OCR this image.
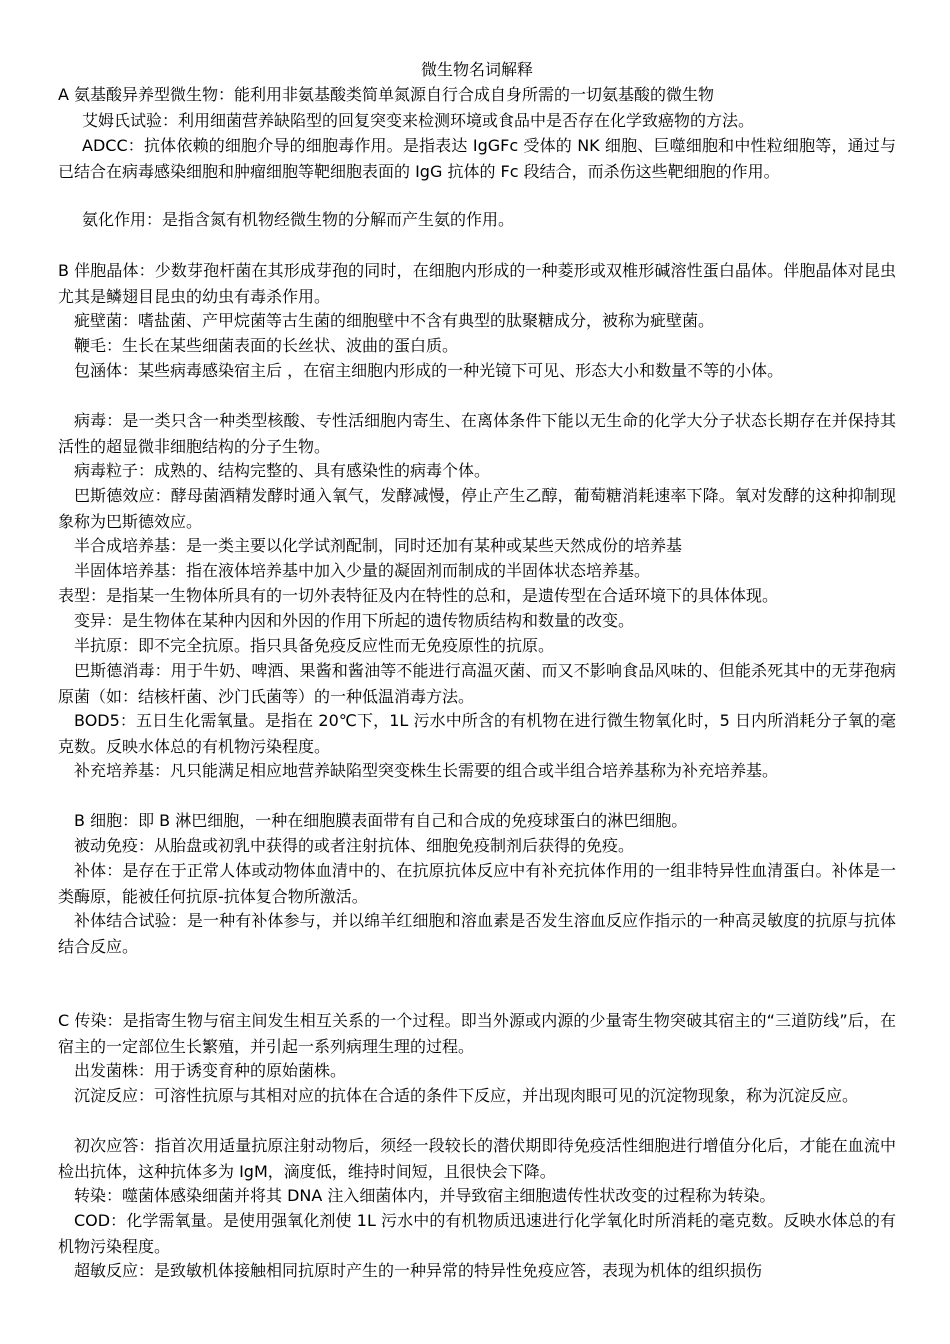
微生物名词解释
A 氨基酸异养型微生物：能利用非氨基酸类简单氮源自行合成自身所需的一切氨基酸的微生物
艾姆氏试验：利用细菌营养缺陷型的回复突变来检测环境或食品中是否存在化学致癌物的方法。
ADCC：抗体依赖的细胞介导的细胞毒作用。是指表达 IgGFc 受体的 NK 细胞、巨噬细胞和中性粒细胞等，通过与已结合在病毒感染细胞和肿瘤细胞等靶细胞表面的 IgG 抗体的 Fc 段结合，而杀伤这些靶细胞的作用。
氨化作用：是指含氮有机物经微生物的分解而产生氨的作用。
B 伴胞晶体：少数芽孢杆菌在其形成芽孢的同时，在细胞内形成的一种菱形或双椎形碱溶性蛋白晶体。伴胞晶体对昆虫尤其是鳞翅目昆虫的幼虫有毒杀作用。
疵壁菌：嗜盐菌、产甲烷菌等古生菌的细胞壁中不含有典型的肽聚糖成分，被称为疵壁菌。
鞭毛：生长在某些细菌表面的长丝状、波曲的蛋白质。
包涵体：某些病毒感染宿主后 ，在宿主细胞内形成的一种光镜下可见、形态大小和数量不等的小体。
病毒：是一类只含一种类型核酸、专性活细胞内寄生、在离体条件下能以无生命的化学大分子状态长期存在并保持其活性的超显微非细胞结构的分子生物。
病毒粒子：成熟的、结构完整的、具有感染性的病毒个体。
巴斯德效应：酵母菌酒精发酵时通入氧气，发酵减慢，停止产生乙醇，葡萄糖消耗速率下降。氧对发酵的这种抑制现象称为巴斯德效应。
半合成培养基：是一类主要以化学试剂配制，同时还加有某种或某些天然成份的培养基
半固体培养基：指在液体培养基中加入少量的凝固剂而制成的半固体状态培养基。
表型：是指某一生物体所具有的一切外表特征及内在特性的总和，是遗传型在合适环境下的具体体现。
变异：是生物体在某种内因和外因的作用下所起的遗传物质结构和数量的改变。
半抗原：即不完全抗原。指只具备免疫反应性而无免疫原性的抗原。
巴斯德消毒：用于牛奶、啤酒、果酱和酱油等不能进行高温灭菌、而又不影响食品风味的、但能杀死其中的无芽孢病原菌（如：结核杆菌、沙门氏菌等）的一种低温消毒方法。
BOD5：五日生化需氧量。是指在 20℃下，1L 污水中所含的有机物在进行微生物氧化时，5 日内所消耗分子氧的毫克数。反映水体总的有机物污染程度。
补充培养基：凡只能满足相应地营养缺陷型突变株生长需要的组合或半组合培养基称为补充培养基。
B 细胞：即 B 淋巴细胞，一种在细胞膜表面带有自己和合成的免疫球蛋白的淋巴细胞。
被动免疫：从胎盘或初乳中获得的或者注射抗体、细胞免疫制剂后获得的免疫。
补体：是存在于正常人体或动物体血清中的、在抗原抗体反应中有补充抗体作用的一组非特异性血清蛋白。补体是一类酶原，能被任何抗原-抗体复合物所激活。
补体结合试验：是一种有补体参与，并以绵羊红细胞和溶血素是否发生溶血反应作指示的一种高灵敏度的抗原与抗体结合反应。
C 传染：是指寄生物与宿主间发生相互关系的一个过程。即当外源或内源的少量寄生物突破其宿主的“三道防线”后，在宿主的一定部位生长繁殖，并引起一系列病理生理的过程。
出发菌株：用于诱变育种的原始菌株。
沉淀反应：可溶性抗原与其相对应的抗体在合适的条件下反应，并出现肉眼可见的沉淀物现象，称为沉淀反应。
初次应答：指首次用适量抗原注射动物后，须经一段较长的潜伏期即待免疫活性细胞进行增值分化后，才能在血流中检出抗体，这种抗体多为 IgM，滴度低，维持时间短，且很快会下降。
转染：噬菌体感染细菌并将其 DNA 注入细菌体内，并导致宿主细胞遗传性状改变的过程称为转染。
COD：化学需氧量。是使用强氧化剂使 1L 污水中的有机物质迅速进行化学氧化时所消耗的毫克数。反映水体总的有机物污染程度。
超敏反应：是致敏机体接触相同抗原时产生的一种异常的特异性免疫应答，表现为机体的组织损伤
